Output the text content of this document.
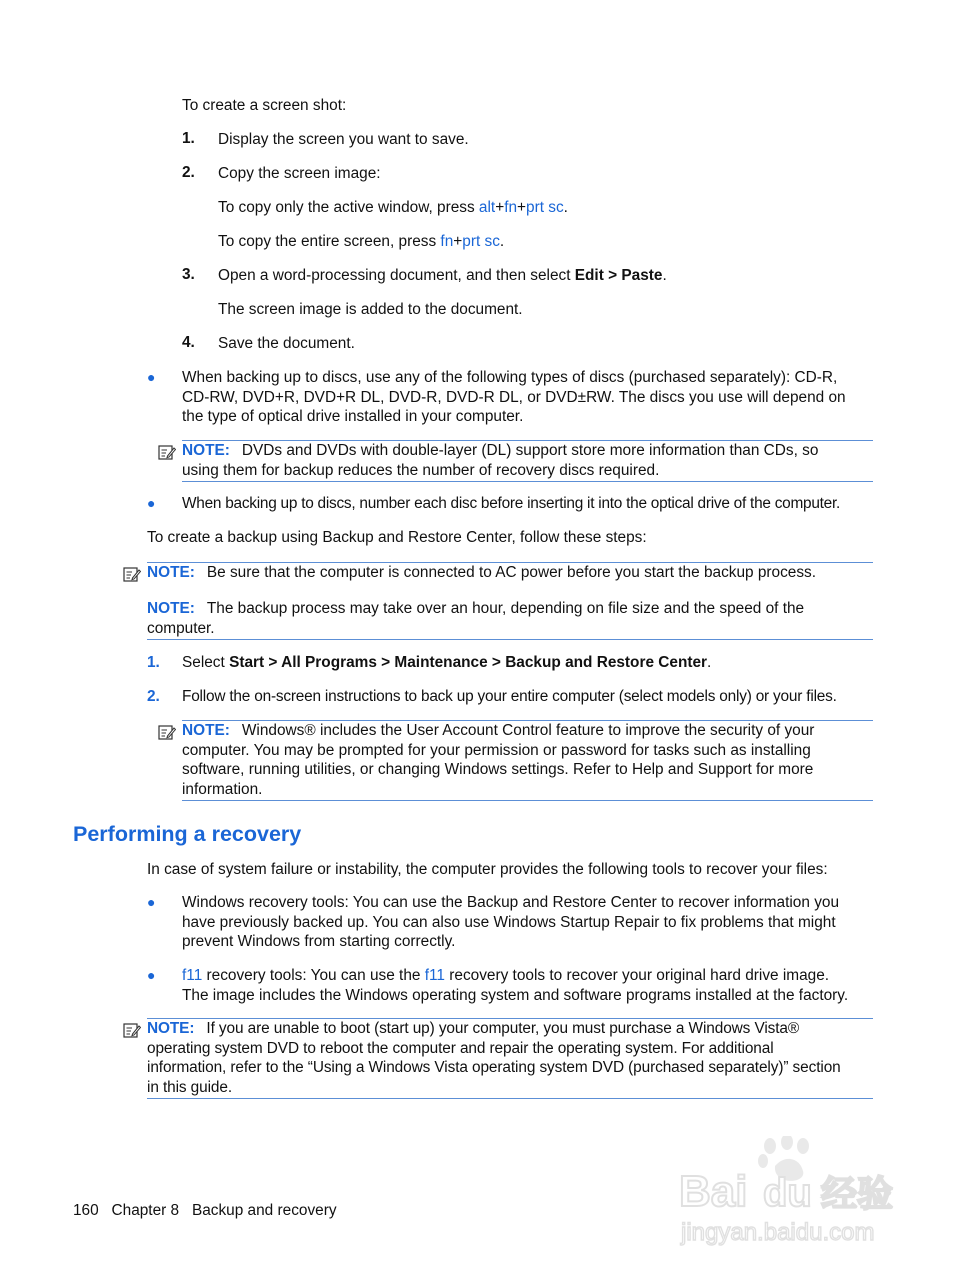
To create a screen shot:
1. Display the screen you want to save.
2. Copy the screen image:
To copy only the active window, press alt+fn+prt sc.
To copy the entire screen, press fn+prt sc.
3. Open a word-processing document, and then select Edit > Paste.
The screen image is added to the document.
4. Save the document.
● When backing up to discs, use any of the following types of discs (purchased separately): CD-R,
CD-RW, DVD+R, DVD+R DL, DVD-R, DVD-R DL, or DVD±RW. The discs you use will depend on
the type of optical drive installed in your computer.
NOTE: DVDs and DVDs with double-layer (DL) support store more information than CDs, so
using them for backup reduces the number of recovery discs required.
● When backing up to discs, number each disc before inserting it into the optical drive of the computer.
To create a backup using Backup and Restore Center, follow these steps:
NOTE: Be sure that the computer is connected to AC power before you start the backup process.
NOTE: The backup process may take over an hour, depending on file size and the speed of the
computer.
1. Select Start > All Programs > Maintenance > Backup and Restore Center.
2. Follow the on-screen instructions to back up your entire computer (select models only) or your files.
NOTE: Windows® includes the User Account Control feature to improve the security of your
computer. You may be prompted for your permission or password for tasks such as installing
software, running utilities, or changing Windows settings. Refer to Help and Support for more
information.
Performing a recovery
In case of system failure or instability, the computer provides the following tools to recover your files:
● Windows recovery tools: You can use the Backup and Restore Center to recover information you
have previously backed up. You can also use Windows Startup Repair to fix problems that might
prevent Windows from starting correctly.
● f11 recovery tools: You can use the f11 recovery tools to recover your original hard drive image.
The image includes the Windows operating system and software programs installed at the factory.
NOTE: If you are unable to boot (start up) your computer, you must purchase a Windows Vista®
operating system DVD to reboot the computer and repair the operating system. For additional
information, refer to the “Using a Windows Vista operating system DVD (purchased separately)” section
in this guide.
160 Chapter 8 Backup and recovery	Bai du 经验
jingyan.baidu.com
